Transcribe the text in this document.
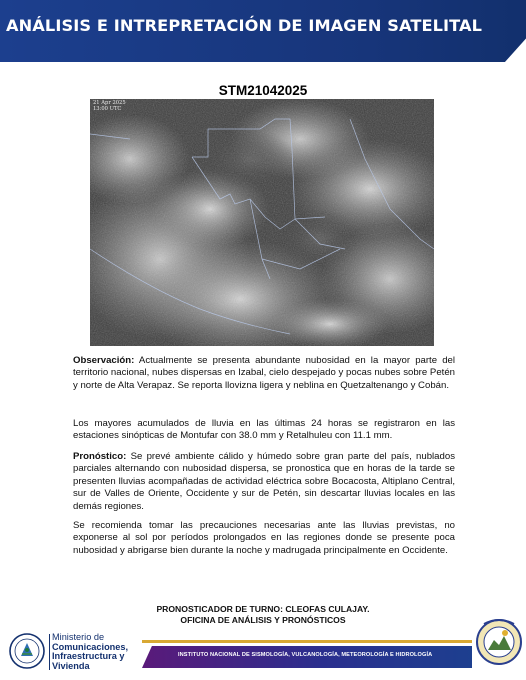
ANÁLISIS E INTREPRETACIÓN DE IMAGEN SATELITAL
STM21042025
21 Apr 2025
13:00 UTC
Observación: Actualmente se presenta abundante nubosidad en la mayor parte del territorio nacional, nubes dispersas en Izabal, cielo despejado y pocas nubes sobre Petén y norte de Alta Verapaz. Se reporta llovizna ligera y neblina en Quetzaltenango y Cobán.
Los mayores acumulados de lluvia en las últimas 24 horas se registraron en las estaciones sinópticas de Montufar con 38.0 mm y Retalhuleu con 11.1 mm.
Pronóstico: Se prevé ambiente cálido y húmedo sobre gran parte del país, nublados parciales alternando con nubosidad dispersa, se pronostica que en horas de la tarde se presenten lluvias acompañadas de actividad eléctrica sobre Bocacosta, Altiplano Central, sur de Valles de Oriente, Occidente y sur de Petén, sin descartar lluvias locales en las demás regiones.
Se recomienda tomar las precauciones necesarias ante las lluvias previstas, no exponerse al sol por períodos prolongados en las regiones donde se presente poca nubosidad y abrigarse bien durante la noche y madrugada principalmente en Occidente.
PRONOSTICADOR DE TURNO: CLEOFAS CULAJAY.
OFICINA DE ANÁLISIS Y PRONÓSTICOS
Ministerio de
Comunicaciones,
Infraestructura y
Vivienda
INSTITUTO NACIONAL DE SISMOLOGÍA, VULCANOLOGÍA, METEOROLOGÍA E HIDROLOGÍA
